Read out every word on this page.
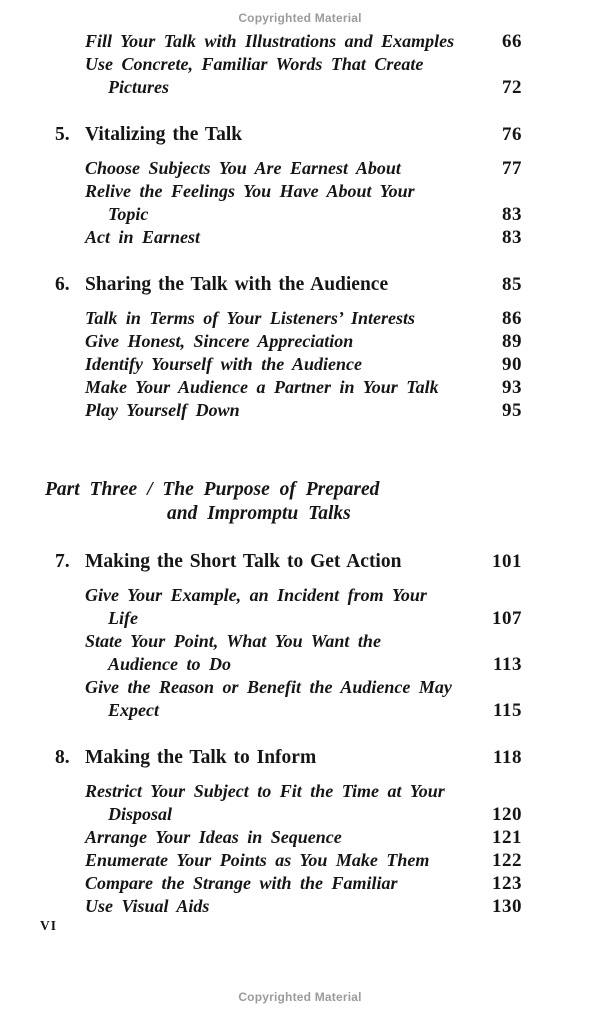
Copyrighted Material
Fill Your Talk with Illustrations and Examples	66
Use Concrete, Familiar Words That Create
Pictures	72
5. Vitalizing the Talk	76
Choose Subjects You Are Earnest About	77
Relive the Feelings You Have About Your
Topic	83
Act in Earnest	83
6. Sharing the Talk with the Audience	85
Talk in Terms of Your Listeners’ Interests	86
Give Honest, Sincere Appreciation	89
Identify Yourself with the Audience	90
Make Your Audience a Partner in Your Talk	93
Play Yourself Down	95
Part Three / The Purpose of Prepared
and Impromptu Talks
7. Making the Short Talk to Get Action	101
Give Your Example, an Incident from Your
Life	107
State Your Point, What You Want the
Audience to Do	113
Give the Reason or Benefit the Audience May
Expect	115
8. Making the Talk to Inform	118
Restrict Your Subject to Fit the Time at Your
Disposal	120
Arrange Your Ideas in Sequence	121
Enumerate Your Points as You Make Them	122
Compare the Strange with the Familiar	123
Use Visual Aids	130
VI
Copyrighted Material
